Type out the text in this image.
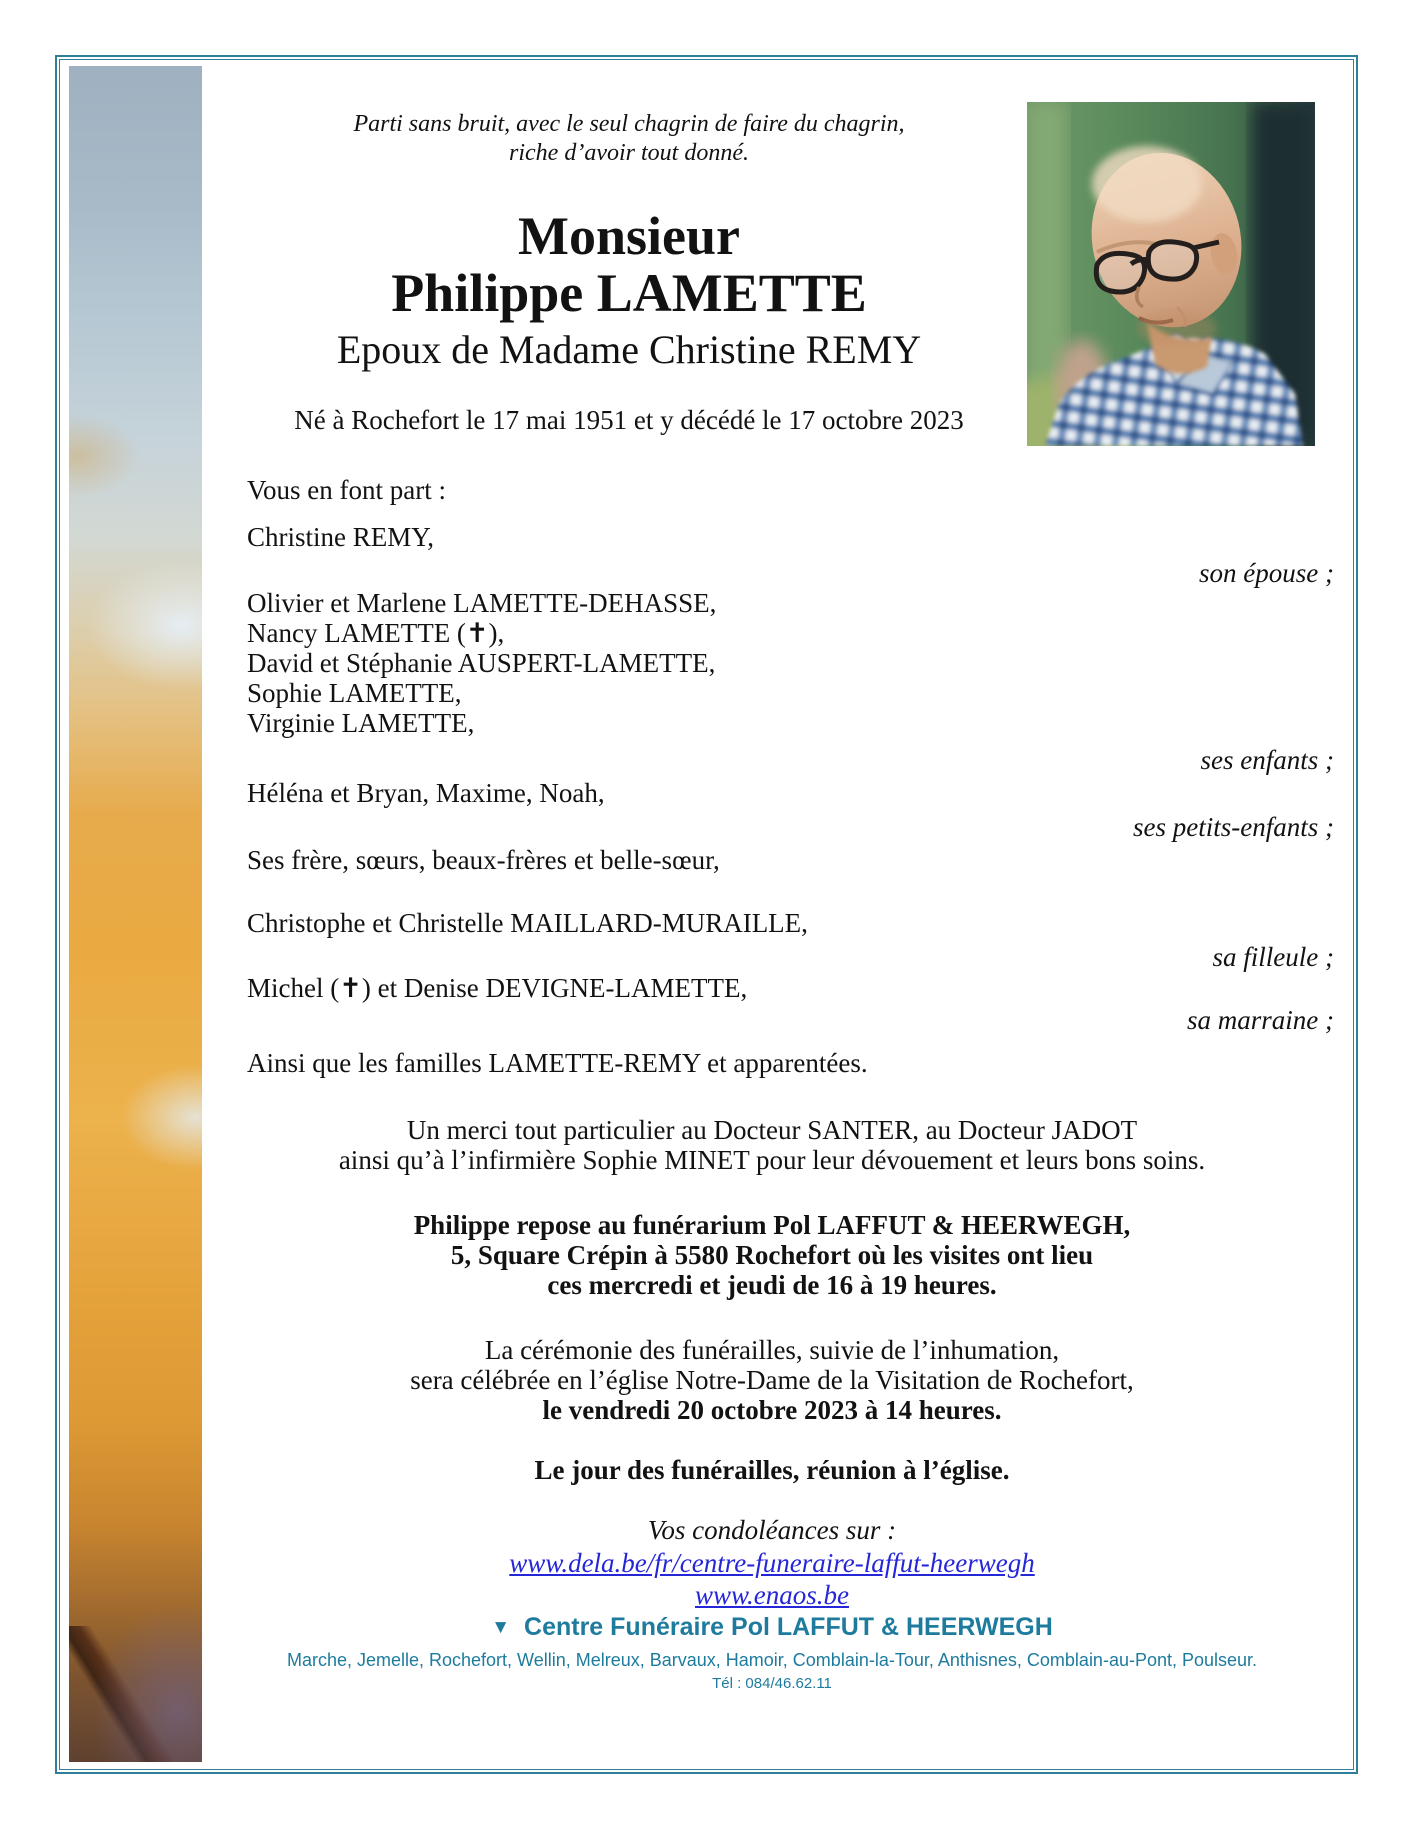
Parti sans bruit, avec le seul chagrin de faire du chagrin,
riche d’avoir tout donné.

Monsieur

Philippe LAMETTE

Epoux de Madame Christine REMY

Né à Rochefort le 17 mai 1951 et y décédé le 17 octobre 2023

Vous en font part :

Christine REMY,

son épouse ;

Olivier et Marlene LAMETTE-DEHASSE,

Nancy LAMETTE (✝),

David et Stéphanie AUSPERT-LAMETTE,

Sophie LAMETTE,

Virginie LAMETTE,

ses enfants ;

Héléna et Bryan, Maxime, Noah,

ses petits-enfants ;

Ses frère, sœurs, beaux-frères et belle-sœur,

Christophe et Christelle MAILLARD-MURAILLE,

sa filleule ;

Michel (✝) et Denise DEVIGNE-LAMETTE,

sa marraine ;

Ainsi que les familles LAMETTE-REMY et apparentées.

Un merci tout particulier au Docteur SANTER, au Docteur JADOT

ainsi qu’à l’infirmière Sophie MINET pour leur dévouement et leurs bons soins.

Philippe repose au funérarium Pol LAFFUT & HEERWEGH,

5, Square Crépin à 5580 Rochefort où les visites ont lieu

ces mercredi et jeudi de 16 à 19 heures.

La cérémonie des funérailles, suivie de l’inhumation,

sera célébrée en l’église Notre-Dame de la Visitation de Rochefort,

le vendredi 20 octobre 2023 à 14 heures.

Le jour des funérailles, réunion à l’église.

Vos condoléances sur :

www.dela.be/fr/centre-funeraire-laffut-heerwegh
www.enaos.be

▼ Centre Funéraire Pol LAFFUT & HEERWEGH

Marche, Jemelle, Rochefort, Wellin, Melreux, Barvaux, Hamoir, Comblain-la-Tour, Anthisnes, Comblain-au-Pont, Poulseur.

Tél : 084/46.62.11
